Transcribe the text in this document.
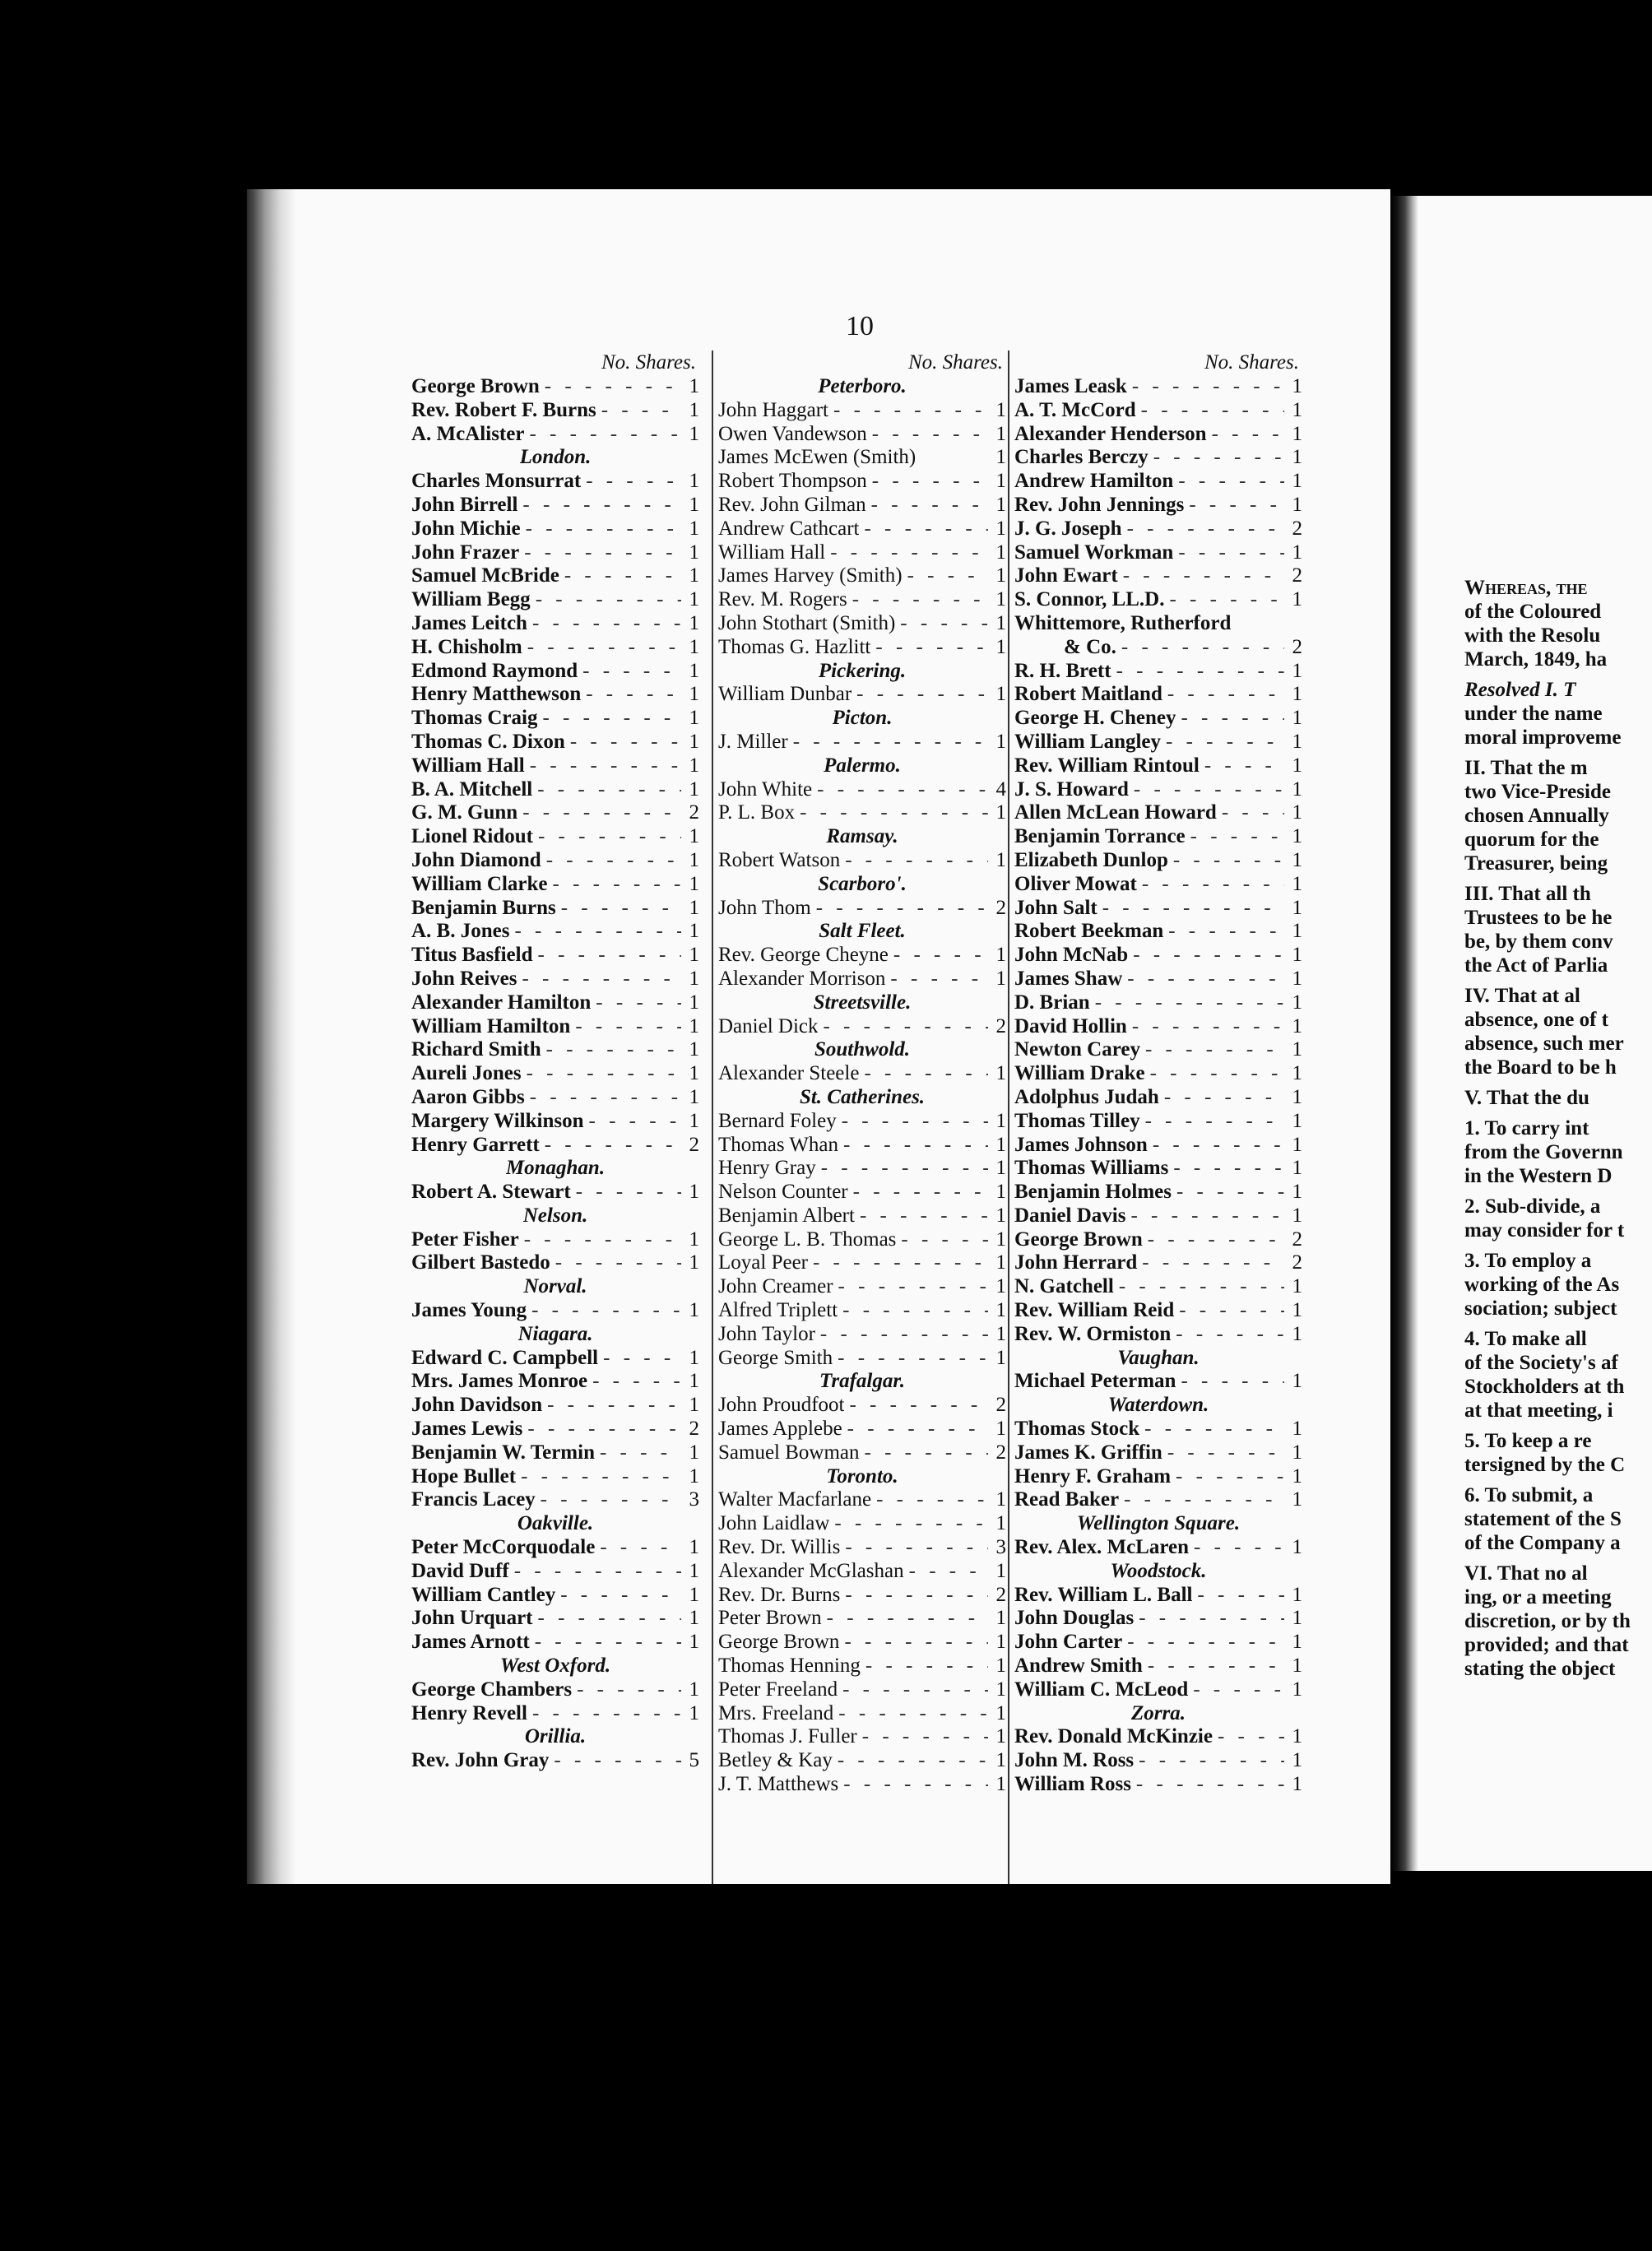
10
No. Shares.
George Brown - - -	1
Rev. Robert F. Burns - - -	1
A. McAlister - - -	1
London.
Charles Monsurrat - - -	1
John Birrell - - -	1
John Michie - - -	1
John Frazer - - -	1
Samuel McBride - - -	1
William Begg - - -	1
James Leitch - - -	1
H. Chisholm - - -	1
Edmond Raymond - - -	1
Henry Matthewson - - -	1
Thomas Craig - - -	1
Thomas C. Dixon - - -	1
William Hall - - -	1
B. A. Mitchell - - -	1
G. M. Gunn - - -	2
Lionel Ridout - - -	1
John Diamond - - -	1
William Clarke - - -	1
Benjamin Burns - - -	1
A. B. Jones - - -	1
Titus Basfield - - -	1
John Reives - - -	1
Alexander Hamilton - - -	1
William Hamilton - - -	1
Richard Smith - - -	1
Aureli Jones - - -	1
Aaron Gibbs - - -	1
Margery Wilkinson - - -	1
Henry Garrett - - -	2
Monaghan.
Robert A. Stewart - - -	1
Nelson.
Peter Fisher - - -	1
Gilbert Bastedo - - -	1
Norval.
James Young - - -	1
Niagara.
Edward C. Campbell - - -	1
Mrs. James Monroe - - -	1
John Davidson - - -	1
James Lewis - - -	2
Benjamin W. Termin - - -	1
Hope Bullet - - -	1
Francis Lacey - - -	3
Oakville.
Peter McCorquodale - - -	1
David Duff - - -	1
William Cantley - - -	1
John Urquart - - -	1
James Arnott - - -	1
West Oxford.
George Chambers - - -	1
Henry Revell - - -	1
Orillia.
Rev. John Gray - - -	5
No. Shares.
Peterboro.
John Haggart - - -	1
Owen Vandewson - - -	1
James McEwen (Smith)	1
Robert Thompson - - -	1
Rev. John Gilman - - -	1
Andrew Cathcart - - -	1
William Hall - - -	1
James Harvey (Smith) - - -	1
Rev. M. Rogers - - -	1
John Stothart (Smith) - - -	1
Thomas G. Hazlitt - - -	1
Pickering.
William Dunbar - - -	1
Picton.
J. Miller - - -	1
Palermo.
John White - - -	4
P. L. Box - - -	1
Ramsay.
Robert Watson - - -	1
Scarboro'.
John Thom - - -	2
Salt Fleet.
Rev. George Cheyne - - -	1
Alexander Morrison - - -	1
Streetsville.
Daniel Dick - - -	2
Southwold.
Alexander Steele - - -	1
St. Catherines.
Bernard Foley - - -	1
Thomas Whan - - -	1
Henry Gray - - -	1
Nelson Counter - - -	1
Benjamin Albert - - -	1
George L. B. Thomas - - -	1
Loyal Peer - - -	1
John Creamer - - -	1
Alfred Triplett - - -	1
John Taylor - - -	1
George Smith - - -	1
Trafalgar.
John Proudfoot - - -	2
James Applebe - - -	1
Samuel Bowman - - -	2
Toronto.
Walter Macfarlane - - -	1
John Laidlaw - - -	1
Rev. Dr. Willis - - -	3
Alexander McGlashan - - -	1
Rev. Dr. Burns - - -	2
Peter Brown - - -	1
George Brown - - -	1
Thomas Henning - - -	1
Peter Freeland - - -	1
Mrs. Freeland - - -	1
Thomas J. Fuller - - -	1
Betley & Kay - - -	1
J. T. Matthews - - -	1
No. Shares.
James Leask - - -	1
A. T. McCord - - -	1
Alexander Henderson - - -	1
Charles Berczy - - -	1
Andrew Hamilton - - -	1
Rev. John Jennings - - -	1
J. G. Joseph - - -	2
Samuel Workman - - -	1
John Ewart - - -	2
S. Connor, LL.D. - - -	1
Whittemore, Rutherford
& Co. - - -	2
R. H. Brett - - -	1
Robert Maitland - - -	1
George H. Cheney - - -	1
William Langley - - -	1
Rev. William Rintoul - - -	1
J. S. Howard - - -	1
Allen McLean Howard - - -	1
Benjamin Torrance - - -	1
Elizabeth Dunlop - - -	1
Oliver Mowat - - -	1
John Salt - - -	1
Robert Beekman - - -	1
John McNab - - -	1
James Shaw - - -	1
D. Brian - - -	1
David Hollin - - -	1
Newton Carey - - -	1
William Drake - - -	1
Adolphus Judah - - -	1
Thomas Tilley - - -	1
James Johnson - - -	1
Thomas Williams - - -	1
Benjamin Holmes - - -	1
Daniel Davis - - -	1
George Brown - - -	2
John Herrard - - -	2
N. Gatchell - - -	1
Rev. William Reid - - -	1
Rev. W. Ormiston - - -	1
Vaughan.
Michael Peterman - - -	1
Waterdown.
Thomas Stock - - -	1
James K. Griffin - - -	1
Henry F. Graham - - -	1
Read Baker - - -	1
Wellington Square.
Rev. Alex. McLaren - - -	1
Woodstock.
Rev. William L. Ball - - -	1
John Douglas - - -	1
John Carter - - -	1
Andrew Smith - - -	1
William C. McLeod - - -	1
Zorra.
Rev. Donald McKinzie - - -	1
John M. Ross - - -	1
William Ross - - -	1
Whereas, the
of the Coloured
with the Resolu
March, 1849, ha
Resolved I. T
under the name
moral improveme
II. That the m
two Vice-Preside
chosen Annually
quorum for the
Treasurer, being
III. That all th
Trustees to be he
be, by them conv
the Act of Parlia
IV. That at al
absence, one of t
absence, such mer
the Board to be h
V. That the du
1. To carry int
from the Governn
in the Western D
2. Sub-divide, a
may consider for t
3. To employ a
working of the As
sociation; subject
4. To make all
of the Society's af
Stockholders at th
at that meeting, i
5. To keep a re
tersigned by the C
6. To submit, a
statement of the S
of the Company a
VI. That no al
ing, or a meeting
discretion, or by th
provided; and that
stating the object
